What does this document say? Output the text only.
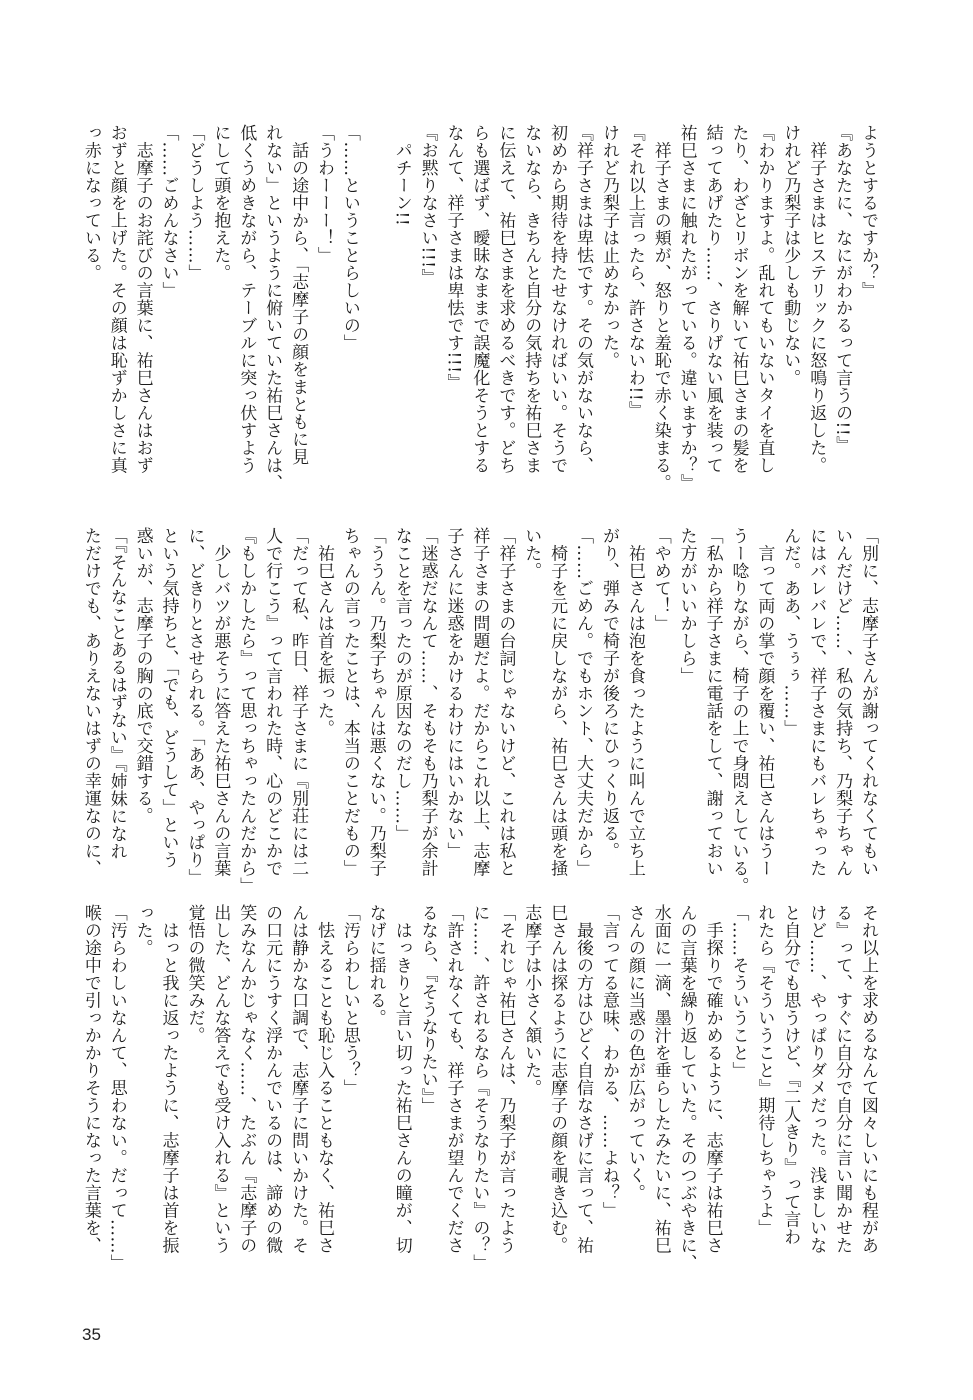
ようとするですか？』
『あなたに、なにがわかるって言うの!!』
　祥子さまはヒステリックに怒鳴り返した。
けれど乃梨子は少しも動じない。
『わかりますよ。乱れてもいないタイを直し
たり、わざとリボンを解いて祐巳さまの髪を
結ってあげたり……、さりげない風を装って
祐巳さまに触れたがっている。違いますか？』
　祥子さまの頬が、怒りと羞恥で赤く染まる。
『それ以上言ったら、許さないわ!!』
けれど乃梨子は止めなかった。
『祥子さまは卑怯です。その気がないなら、
初めから期待を持たせなければいい。そうで
ないなら、きちんと自分の気持ちを祐巳さま
に伝えて、祐巳さまを求めるべきです。どち
らも選ばず、曖昧なままで誤魔化そうとする
なんて、祥子さまは卑怯です!!!』
『お黙りなさい!!!』
　パチーン!!

「……ということらしいの」
「うわーーー！」
　話の途中から、「志摩子の顔をまともに見
れない」というように俯いていた祐巳さんは、
低くうめきながら、テーブルに突っ伏すよう
にして頭を抱えた。
「どうしよう……」
「……ごめんなさい」
　志摩子のお詫びの言葉に、祐巳さんはおず
おずと顔を上げた。その顔は恥ずかしさに真
っ赤になっている。
「別に、志摩子さんが謝ってくれなくてもい
いんだけど……、私の気持ち、乃梨子ちゃん
にはバレバレで、祥子さまにもバレちゃった
んだ。ああ、うぅぅ……」
　言って両の掌で顔を覆い、祐巳さんはうー
うー唸りながら、椅子の上で身悶えしている。
「私から祥子さまに電話をして、謝っておい
た方がいいかしら」
「やめて！」
　祐巳さんは泡を食ったように叫んで立ち上
がり、弾みで椅子が後ろにひっくり返る。
「……ごめん。でもホント、大丈夫だから」
　椅子を元に戻しながら、祐巳さんは頭を掻
いた。
「祥子さまの台詞じゃないけど、これは私と
祥子さまの問題だよ。だからこれ以上、志摩
子さんに迷惑をかけるわけにはいかない」
「迷惑だなんて……、そもそも乃梨子が余計
なことを言ったのが原因なのだし……」
「ううん。乃梨子ちゃんは悪くない。乃梨子
ちゃんの言ったことは、本当のことだもの」
　祐巳さんは首を振った。
「だって私、昨日、祥子さまに『別荘には二
人で行こう』って言われた時、心のどこかで
『もしかしたら』って思っちゃったんだから」
　少しバツが悪そうに答えた祐巳さんの言葉
に、どきりとさせられる。「ああ、やっぱり」
という気持ちと、「でも、どうして」という
惑いが、志摩子の胸の底で交錯する。
「『そんなことあるはずない』『姉妹になれ
ただけでも、ありえないはずの幸運なのに、
それ以上を求めるなんて図々しいにも程があ
る』って、すぐに自分で自分に言い聞かせた
けど……、やっぱりダメだった。浅ましいな
と自分でも思うけど、『二人きり』って言わ
れたら『そういうこと』期待しちゃうよ」
「……そういうこと」
　手探りで確かめるように、志摩子は祐巳さ
んの言葉を繰り返していた。そのつぶやきに、
水面に一滴、墨汁を垂らしたみたいに、祐巳
さんの顔に当惑の色が広がっていく。
「言ってる意味、わかる、……よね？」
　最後の方はひどく自信なさげに言って、祐
巳さんは探るように志摩子の顔を覗き込む。
志摩子は小さく頷いた。
「それじゃ祐巳さんは、乃梨子が言ったよう
に……、許されるなら『そうなりたい』の？」
「許されなくても、祥子さまが望んでくださ
るなら、『そうなりたい』」
　はっきりと言い切った祐巳さんの瞳が、切
なげに揺れる。
「汚らわしいと思う？」
　怯えることも恥じ入ることもなく、祐巳さ
んは静かな口調で、志摩子に問いかけた。そ
の口元にうすく浮かんでいるのは、諦めの微
笑みなんかじゃなく……、たぶん『志摩子の
出した、どんな答えでも受け入れる』という
覚悟の微笑みだ。
　はっと我に返ったように、志摩子は首を振
った。
「汚らわしいなんて、思わない。だって……」
喉の途中で引っかかりそうになった言葉を、
35
